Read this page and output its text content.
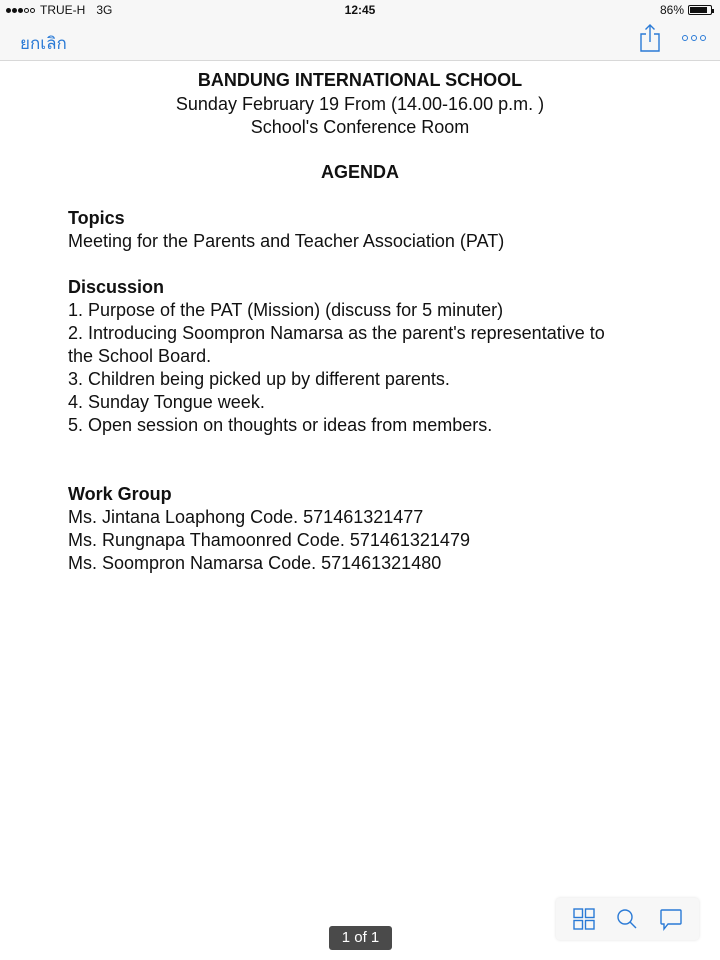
TRUE-H 3G	12:45	86%
ยกเลิก
BANDUNG INTERNATIONAL SCHOOL
Sunday February 19 From (14.00-16.00 p.m. )
School's Conference Room
AGENDA
Topics
Meeting for the Parents and Teacher Association (PAT)
Discussion
1. Purpose of the PAT (Mission) (discuss for 5 minuter)
2. Introducing Soompron Namarsa as the parent's representative to
the School Board.
3. Children being picked up by different parents.
4. Sunday Tongue week.
5. Open session on thoughts or ideas from members.
Work Group
Ms. Jintana Loaphong Code. 571461321477
Ms. Rungnapa Thamoonred Code. 571461321479
Ms. Soompron Namarsa Code. 571461321480
1 of 1
